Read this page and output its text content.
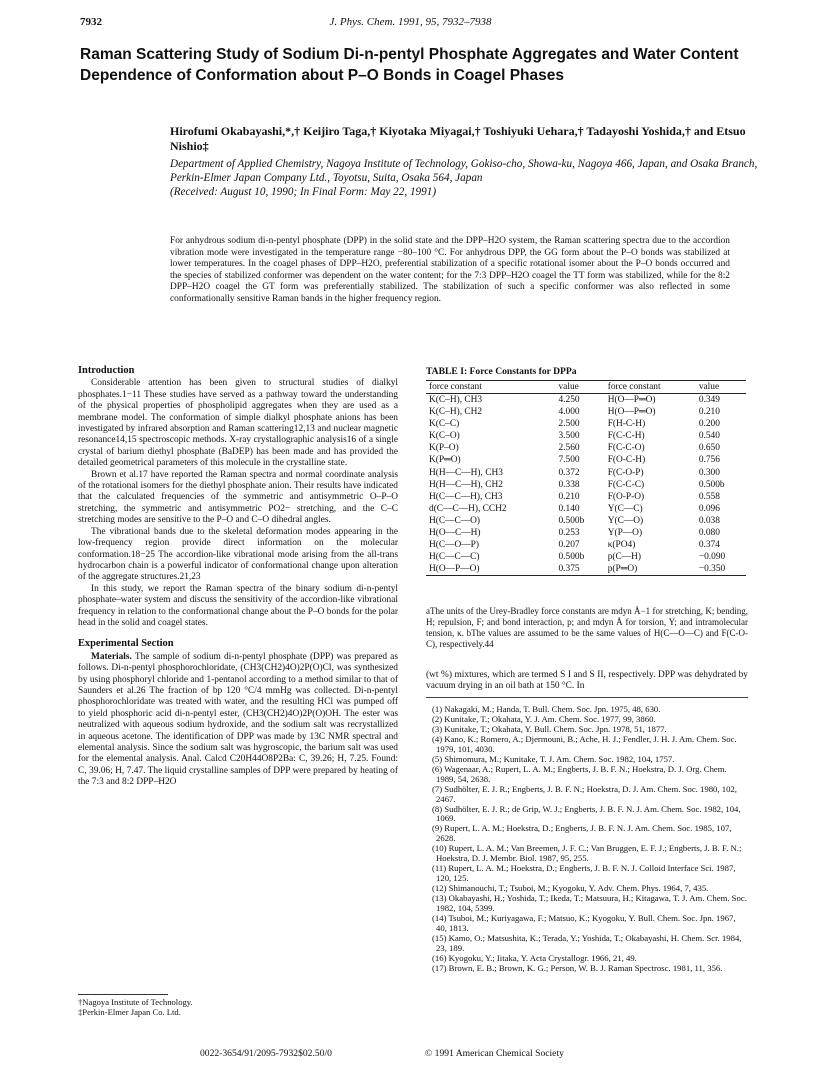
7932	J. Phys. Chem. 1991, 95, 7932–7938
Raman Scattering Study of Sodium Di-n-pentyl Phosphate Aggregates and Water Content Dependence of Conformation about P–O Bonds in Coagel Phases
Hirofumi Okabayashi,*,† Keijiro Taga,† Kiyotaka Miyagai,† Toshiyuki Uehara,† Tadayoshi Yoshida,† and Etsuo Nishio‡
Department of Applied Chemistry, Nagoya Institute of Technology, Gokiso-cho, Showa-ku, Nagoya 466, Japan, and Osaka Branch, Perkin-Elmer Japan Company Ltd., Toyotsu, Suita, Osaka 564, Japan
(Received: August 10, 1990; In Final Form: May 22, 1991)
For anhydrous sodium di-n-pentyl phosphate (DPP) in the solid state and the DPP–H2O system, the Raman scattering spectra due to the accordion vibration mode were investigated in the temperature range −80–100 °C. For anhydrous DPP, the GG form about the P–O bonds was stabilized at lower temperatures. In the coagel phases of DPP–H2O, preferential stabilization of a specific rotational isomer about the P–O bonds occurred and the species of stabilized conformer was dependent on the water content; for the 7:3 DPP–H2O coagel the TT form was stabilized, while for the 8:2 DPP–H2O coagel the GT form was preferentially stabilized. The stabilization of such a specific conformer was also reflected in some conformationally sensitive Raman bands in the higher frequency region.
Introduction

Considerable attention has been given to structural studies of dialkyl phosphates.1−11 These studies have served as a pathway toward the understanding of the physical properties of phospholipid aggregates when they are used as a membrane model. The conformation of simple dialkyl phosphate anions has been investigated by infrared absorption and Raman scattering12,13 and nuclear magnetic resonance14,15 spectroscopic methods. X-ray crystallographic analysis16 of a single crystal of barium diethyl phosphate (BaDEP) has been made and has provided the detailed geometrical parameters of this molecule in the crystalline state.

Brown et al.17 have reported the Raman spectra and normal coordinate analysis of the rotational isomers for the diethyl phosphate anion. Their results have indicated that the calculated frequencies of the symmetric and antisymmetric O–P–O stretching, the symmetric and antisymmetric PO2− stretching, and the C–C stretching modes are sensitive to the P–O and C–O dihedral angles.

The vibrational bands due to the skeletal deformation modes appearing in the low-frequency region provide direct information on the molecular conformation.18−25 The accordion-like vibrational mode arising from the all-trans hydrocarbon chain is a powerful indicator of conformational change upon alteration of the aggregate structures.21,23

In this study, we report the Raman spectra of the binary sodium di-n-pentyl phosphate–water system and discuss the sensitivity of the accordion-like vibrational frequency in relation to the conformational change about the P–O bonds for the polar head in the solid and coagel states.

Experimental Section

Materials. The sample of sodium di-n-pentyl phosphate (DPP) was prepared as follows. Di-n-pentyl phosphorochloridate, (CH3(CH2)4O)2P(O)Cl, was synthesized by using phosphoryl chloride and 1-pentanol according to a method similar to that of Saunders et al.26 The fraction of bp 120 °C/4 mmHg was collected. Di-n-pentyl phosphorochloridate was treated with water, and the resulting HCl was pumped off to yield phosphoric acid di-n-pentyl ester, (CH3(CH2)4O)2P(O)OH. The ester was neutralized with aqueous sodium hydroxide, and the sodium salt was recrystallized in aqueous acetone. The identification of DPP was made by 13C NMR spectral and elemental analysis. Since the sodium salt was hygroscopic, the barium salt was used for the elemental analysis. Anal. Calcd C20H44O8P2Ba: C, 39.26; H, 7.25. Found: C, 39.06; H, 7.47. The liquid crystalline samples of DPP were prepared by heating of the 7:3 and 8:2 DPP–H2O

†Nagoya Institute of Technology.
‡Perkin-Elmer Japan Co. Ltd.
TABLE I: Force Constants for DPPa
force constant	value	force constant	value
K(C–H), CH3	4.250	H(O—P═O)	0.349
K(C–H), CH2	4.000	H(O—P═O)	0.210
K(C–C)	2.500	F(H-C-H)	0.200
K(C–O)	3.500	F(C-C-H)	0.540
K(P–O)	2.560	F(C-C-O)	0.650
K(P═O)	7.500	F(O-C-H)	0.756
H(H—C—H), CH3	0.372	F(C-O-P)	0.300
H(H—C—H), CH2	0.338	F(C-C-C)	0.500b
H(C—C—H), CH3	0.210	F(O-P-O)	0.558
d(C—C—H), CCH2	0.140	Y(C—C)	0.096
H(C—C—O)	0.500b	Y(C—O)	0.038
H(O—C—H)	0.253	Y(P—O)	0.080
H(C—O—P)	0.207	κ(PO4)	0.374
H(C—C—C)	0.500b	p(C—H)	−0.090
H(O—P—O)	0.375	p(P═O)	−0.350
aThe units of the Urey-Bradley force constants are mdyn Å−1 for stretching, K; bending, H; repulsion, F; and bond interaction, p; and mdyn Å for torsion, Y; and intramolecular tension, κ. bThe values are assumed to be the same values of H(C—O—C) and F(C-O-C), respectively.44
(wt %) mixtures, which are termed S I and S II, respectively. DPP was dehydrated by vacuum drying in an oil bath at 150 °C. In

(1) Nakagaki, M.; Handa, T. Bull. Chem. Soc. Jpn. 1975, 48, 630.

(2) Kunitake, T.; Okahata, Y. J. Am. Chem. Soc. 1977, 99, 3860.

(3) Kunitake, T.; Okahata, Y. Bull. Chem. Soc. Jpn. 1978, 51, 1877.

(4) Kano, K.; Romero, A.; Djermouni, B.; Ache, H. J.; Fendler, J. H. J. Am. Chem. Soc. 1979, 101, 4030.

(5) Shimomura, M.; Kunitake, T. J. Am. Chem. Soc. 1982, 104, 1757.

(6) Wagenaar, A.; Rupert, L. A. M.; Engberts, J. B. F. N.; Hoekstra, D. J. Org. Chem. 1989, 54, 2638.

(7) Sudhölter, E. J. R.; Engberts, J. B. F. N.; Hoekstra, D. J. Am. Chem. Soc. 1980, 102, 2467.

(8) Sudhölter, E. J. R.; de Grip, W. J.; Engberts, J. B. F. N. J. Am. Chem. Soc. 1982, 104, 1069.

(9) Rupert, L. A. M.; Hoekstra, D.; Engberts, J. B. F. N. J. Am. Chem. Soc. 1985, 107, 2628.

(10) Rupert, L. A. M.; Van Breemen, J. F. C.; Van Bruggen, E. F. J.; Engberts, J. B. F. N.; Hoekstra, D. J. Membr. Biol. 1987, 95, 255.

(11) Rupert, L. A. M.; Hoekstra, D.; Engberts, J. B. F. N. J. Colloid Interface Sci. 1987, 120, 125.

(12) Shimanouchi, T.; Tsuboi, M.; Kyogoku, Y. Adv. Chem. Phys. 1964, 7, 435.

(13) Okabayashi, H.; Yoshida, T.; Ikeda, T.; Matsuura, H.; Kitagawa, T. J. Am. Chem. Soc. 1982, 104, 5399.

(14) Tsuboi, M.; Kuriyagawa, F.; Matsuo, K.; Kyogoku, Y. Bull. Chem. Soc. Jpn. 1967, 40, 1813.

(15) Kamo, O.; Matsushita, K.; Terada, Y.; Yoshida, T.; Okabayashi, H. Chem. Scr. 1984, 23, 189.

(16) Kyogoku, Y.; Iitaka, Y. Acta Crystallogr. 1966, 21, 49.

(17) Brown, E. B.; Brown, K. G.; Person, W. B. J. Raman Spectrosc. 1981, 11, 356.

0022-3654/91/2095-7932$02.50/0	© 1991 American Chemical Society
